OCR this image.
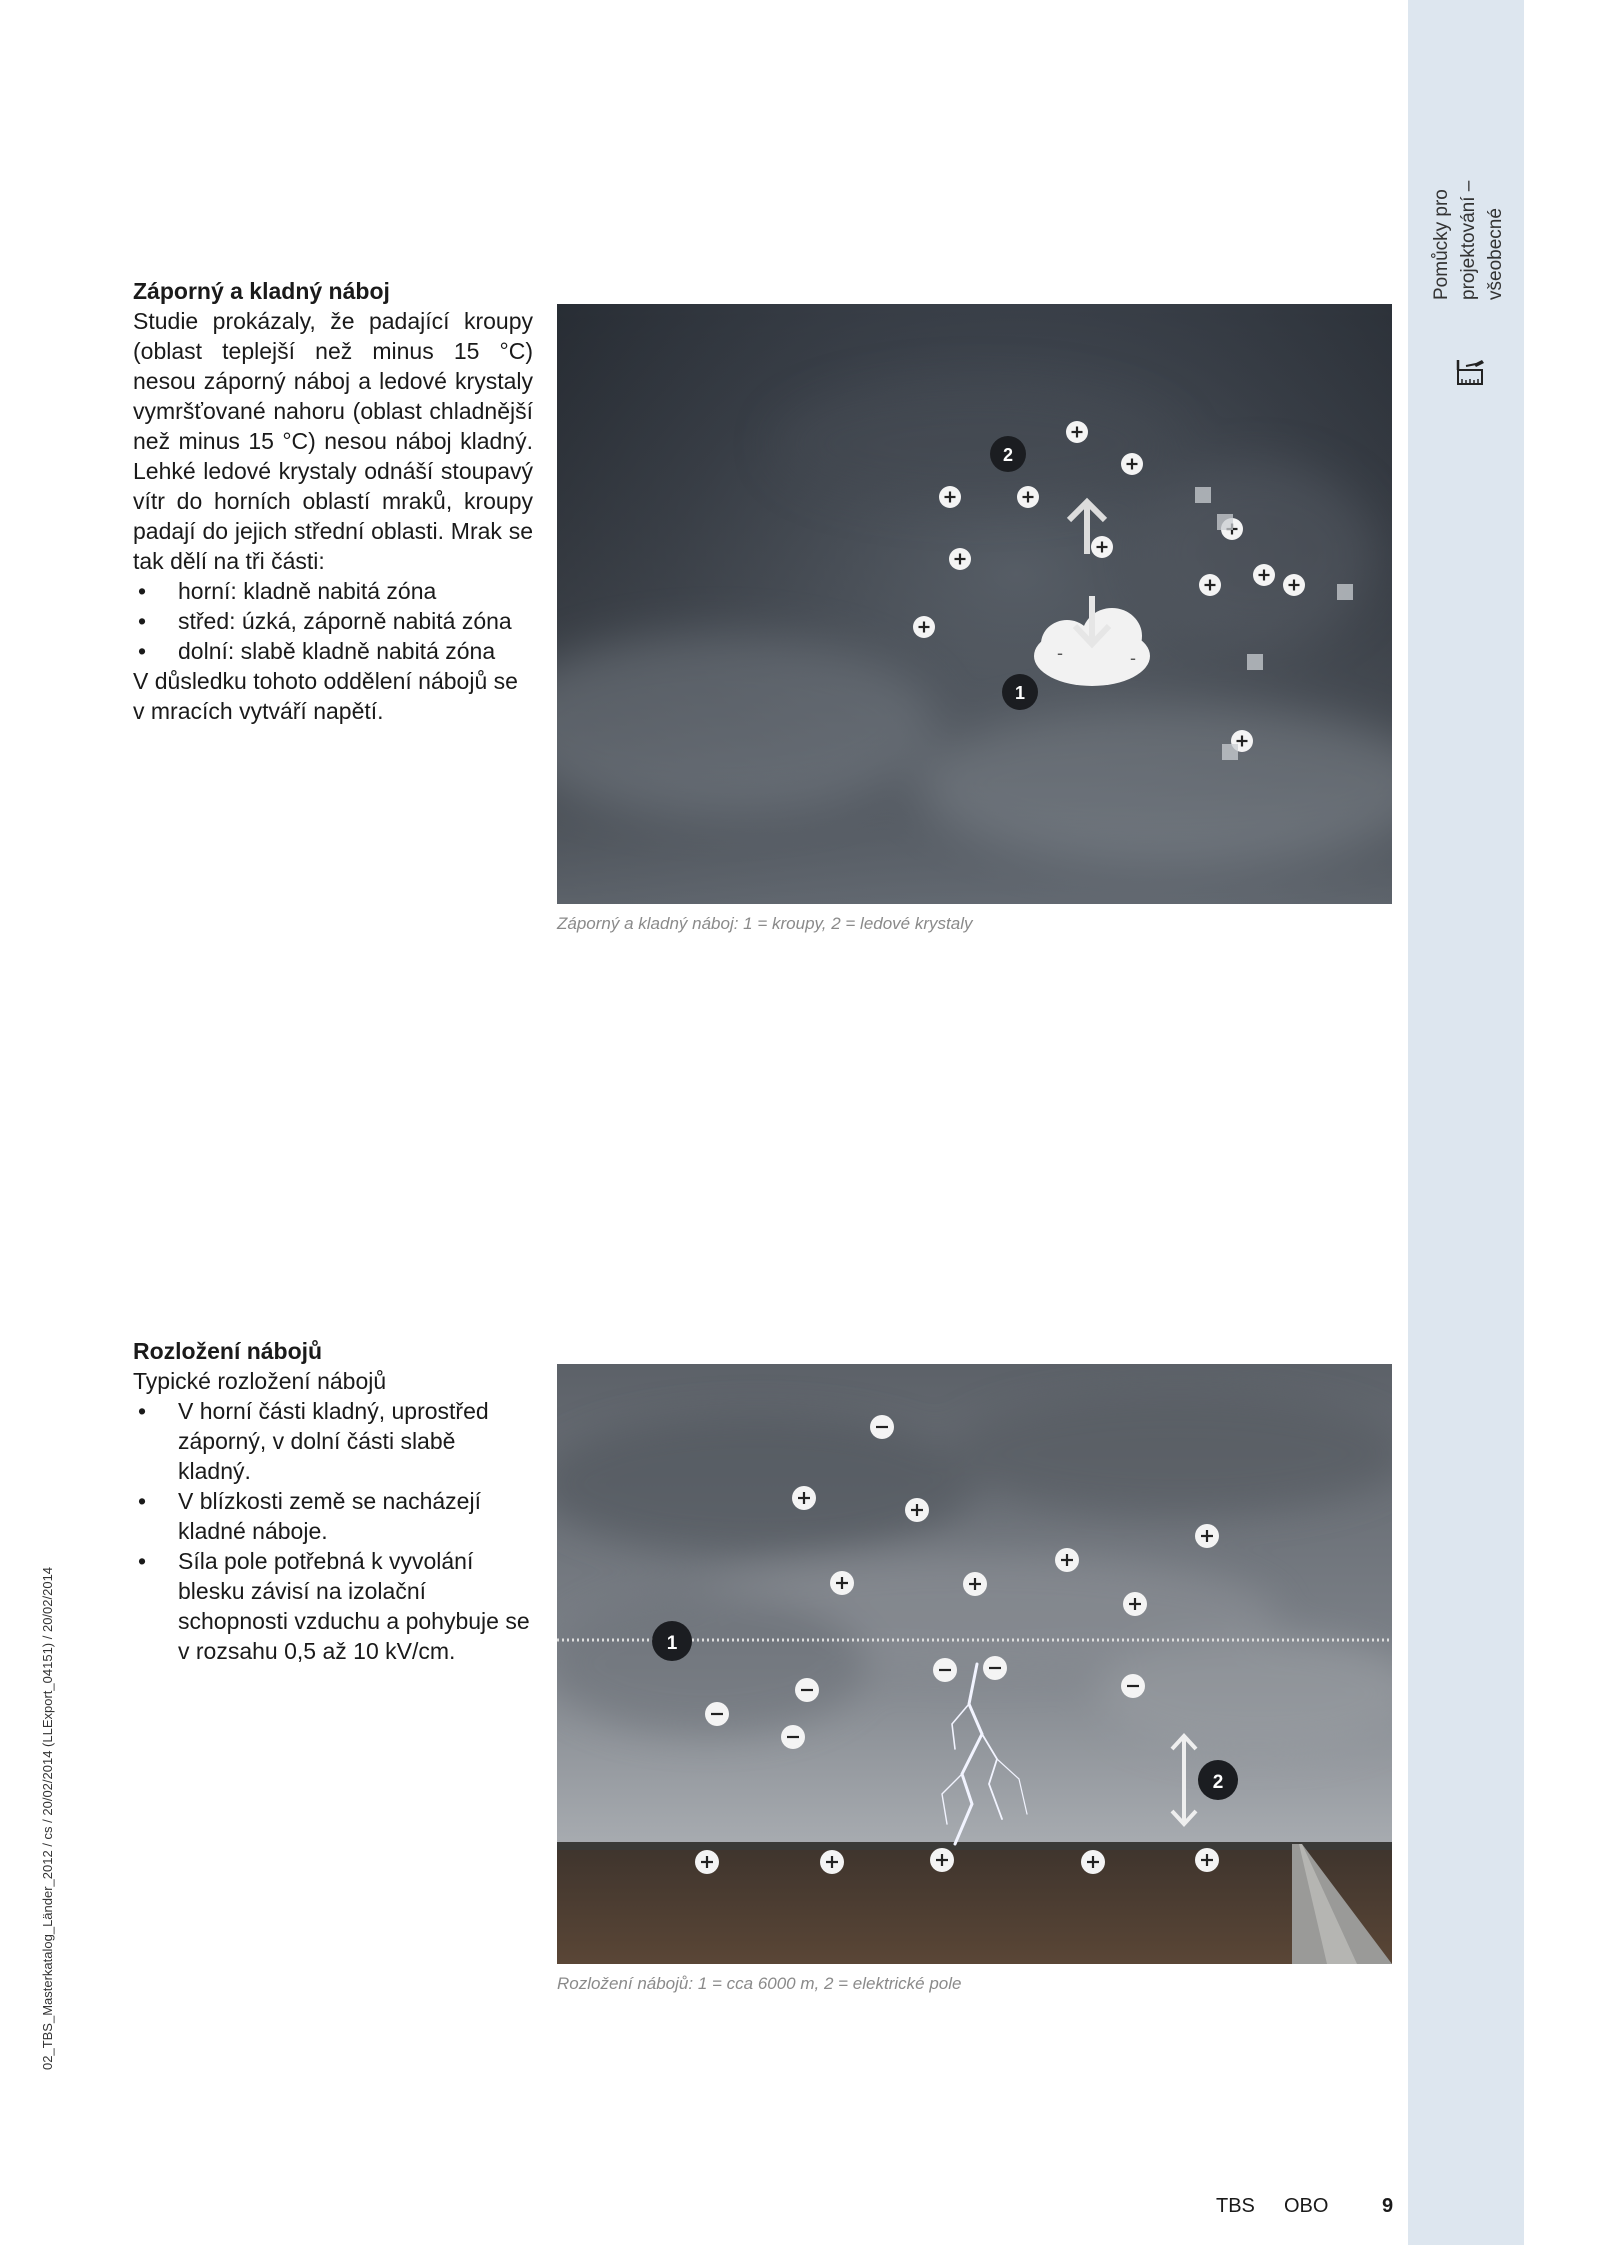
Pomůcky pro projektování – všeobecné
Záporný a kladný náboj

Studie prokázaly, že padající kroupy (oblast teplejší než minus 15 °C) nesou záporný náboj a ledové krystaly vymršťované nahoru (oblast chladnější než minus 15 °C) nesou náboj kladný. Lehké ledové krystaly odnáší stoupavý vítr do horních oblastí mraků, kroupy padají do jejich střední oblasti. Mrak se tak dělí na tři části:

• horní: kladně nabitá zóna
• střed: úzká, záporně nabitá zóna
• dolní: slabě kladně nabitá zóna

V důsledku tohoto oddělení nábojů se v mracích vytváří napětí.

-	-
1
2
Záporný a kladný náboj: 1 = kroupy, 2 = ledové krystaly
Rozložení nábojů

Typické rozložení nábojů

• V horní části kladný, uprostřed záporný, v dolní části slabě kladný.
• V blízkosti země se nacházejí kladné náboje.
• Síla pole potřebná k vyvolání blesku závisí na izolační schopnosti vzduchu a pohybuje se v rozsahu 0,5 až 10 kV/cm.	1
2
Rozložení nábojů: 1 = cca 6000 m, 2 = elektrické pole
02_TBS_Masterkatalog_Länder_2012 / cs / 20/02/2014 (LLExport_04151) / 20/02/2014
TBS OBO	9
